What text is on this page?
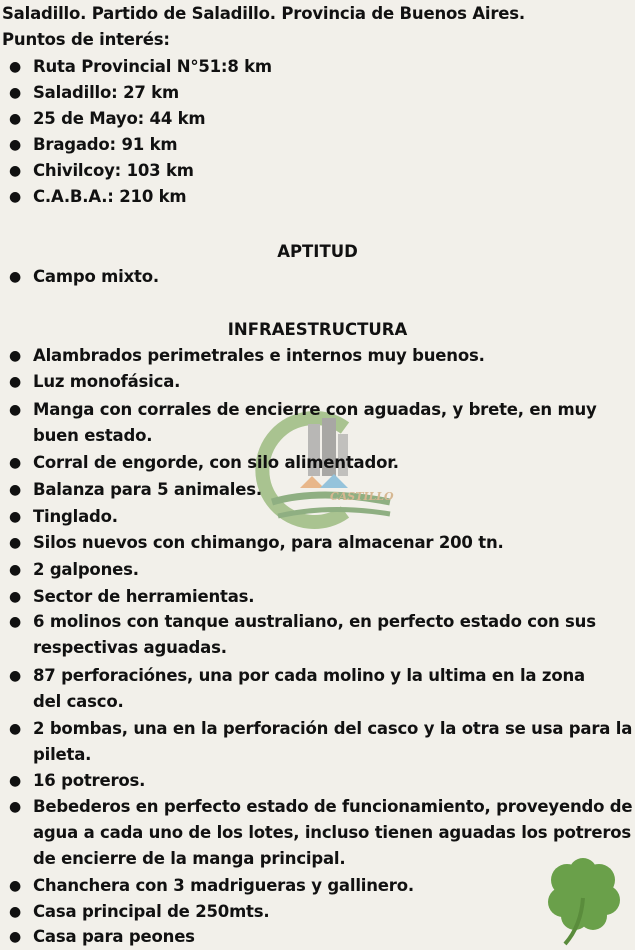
Saladillo. Partido de Saladillo. Provincia de Buenos Aires.
Puntos de interés:
● Ruta Provincial N°51:8 km
● Saladillo: 27 km
● 25 de Mayo: 44 km
● Bragado: 91 km
● Chivilcoy: 103 km
● C.A.B.A.: 210 km
APTITUD
● Campo mixto.
INFRAESTRUCTURA
CASTILLO
● Alambrados perimetrales e internos muy buenos.
● Luz monofásica.
● Manga con corrales de encierre con aguadas, y brete, en muy
buen estado.
● Corral de engorde, con silo alimentador.
● Balanza para 5 animales.
● Tinglado.
● Silos nuevos con chimango, para almacenar 200 tn.
● 2 galpones.
● Sector de herramientas.
● 6 molinos con tanque australiano, en perfecto estado con sus
respectivas aguadas.
● 87 perforaciónes, una por cada molino y la ultima en la zona
del casco.
● 2 bombas, una en la perforación del casco y la otra se usa para la
pileta.
● 16 potreros.
● Bebederos en perfecto estado de funcionamiento, proveyendo de
agua a cada uno de los lotes, incluso tienen aguadas los potreros
de encierre de la manga principal.
● Chanchera con 3 madrigueras y gallinero.
● Casa principal de 250mts.
● Casa para peones
